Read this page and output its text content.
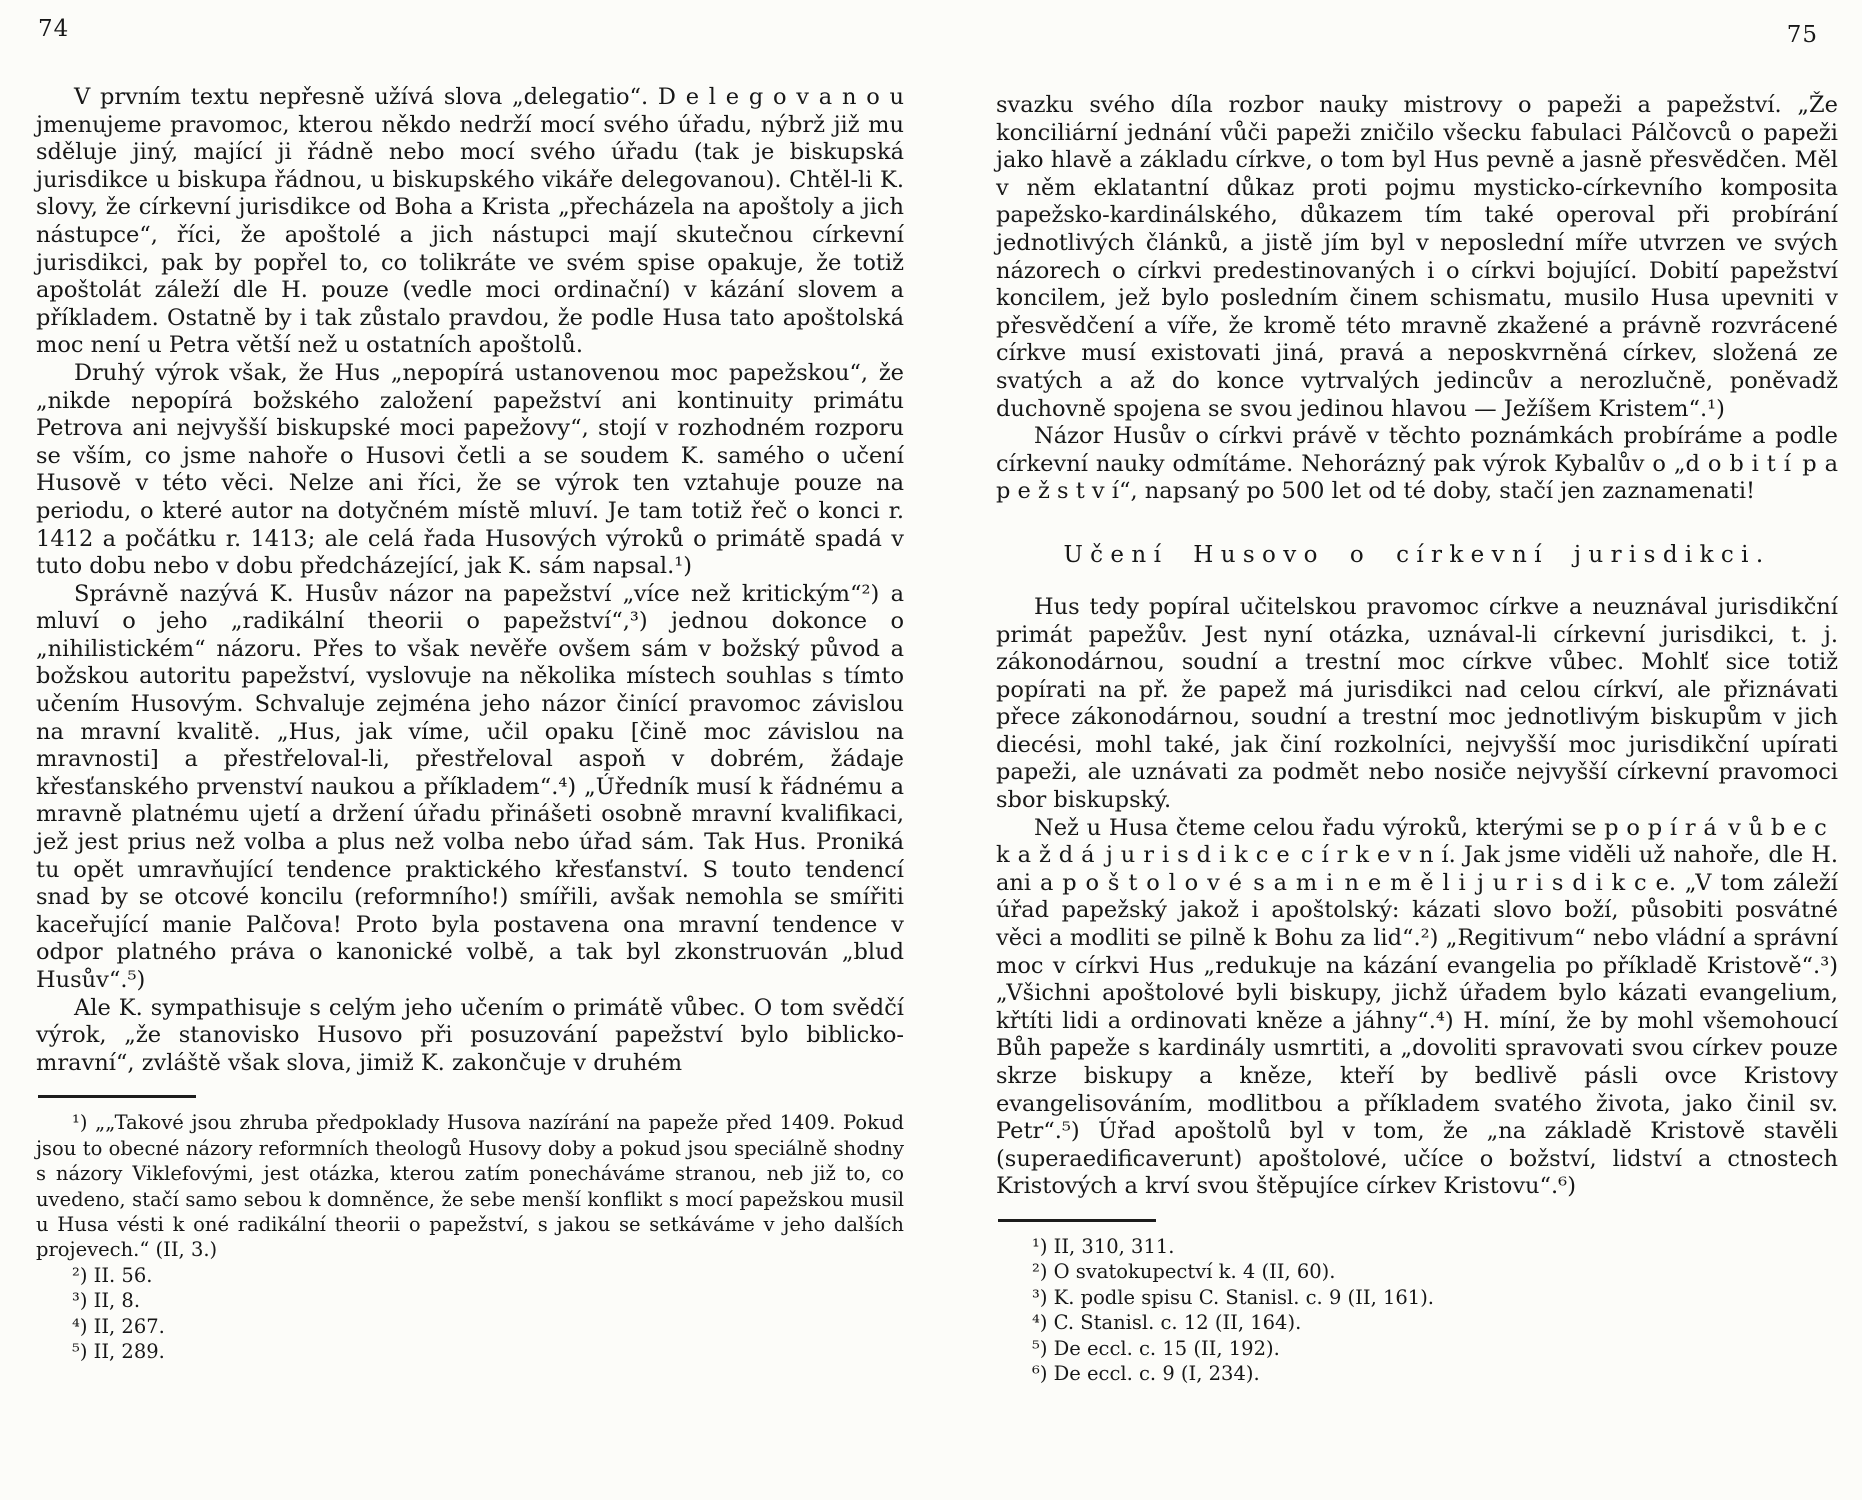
74	75

V prvním textu nepřesně užívá slova „delegatio“. D e l e g o v a n o u jmenujeme pravomoc, kterou někdo nedrží mocí svého úřadu, nýbrž již mu sděluje jiný, mající ji řádně nebo mocí svého úřadu (tak je biskupská jurisdikce u biskupa řádnou, u biskupského vikáře delegovanou). Chtěl-li K. slovy, že církevní jurisdikce od Boha a Krista „přecházela na apoštoly a jich nástupce“, říci, že apoštolé a jich nástupci mají skutečnou církevní jurisdikci, pak by popřel to, co tolikráte ve svém spise opakuje, že totiž apoštolát záleží dle H. pouze (vedle moci ordinační) v kázání slovem a příkladem. Ostatně by i tak zůstalo pravdou, že podle Husa tato apoštolská moc není u Petra větší než u ostatních apoštolů.

Druhý výrok však, že Hus „nepopírá ustanovenou moc papežskou“, že „nikde nepopírá božského založení papežství ani kontinuity primátu Petrova ani nejvyšší biskupské moci papežovy“, stojí v rozhodném rozporu se vším, co jsme nahoře o Husovi četli a se soudem K. samého o učení Husově v této věci. Nelze ani říci, že se výrok ten vztahuje pouze na periodu, o které autor na dotyčném místě mluví. Je tam totiž řeč o konci r. 1412 a počátku r. 1413; ale celá řada Husových výroků o primátě spadá v tuto dobu nebo v dobu předcházející, jak K. sám napsal.¹)

Správně nazývá K. Husův názor na papežství „více než kritickým“²) a mluví o jeho „radikální theorii o papežství“,³) jednou dokonce o „nihilistickém“ názoru. Přes to však nevěře ovšem sám v božský původ a božskou autoritu papežství, vyslovuje na několika místech souhlas s tímto učením Husovým. Schvaluje zejména jeho názor činící pravomoc závislou na mravní kvalitě. „Hus, jak víme, učil opaku [čině moc závislou na mravnosti] a přestřeloval-li, přestřeloval aspoň v dobrém, žádaje křesťanského prvenství naukou a příkladem“.⁴) „Úředník musí k řádnému a mravně platnému ujetí a držení úřadu přinášeti osobně mravní kvalifikaci, jež jest prius než volba a plus než volba nebo úřad sám. Tak Hus. Proniká tu opět umravňující tendence praktického křesťanství. S touto tendencí snad by se otcové koncilu (reformního!) smířili, avšak nemohla se smířiti kaceřující manie Palčova! Proto byla postavena ona mravní tendence v odpor platného práva o kanonické volbě, a tak byl zkonstruován „blud Husův“.⁵)

Ale K. sympathisuje s celým jeho učením o primátě vůbec. O tom svědčí výrok, „že stanovisko Husovo při posuzování papežství bylo biblicko-mravní“, zvláště však slova, jimiž K. zakončuje v druhém

¹) „„Takové jsou zhruba předpoklady Husova nazírání na papeže před 1409. Pokud jsou to obecné názory reformních theologů Husovy doby a pokud jsou speciálně shodny s názory Viklefovými, jest otázka, kterou zatím ponecháváme stranou, neb již to, co uvedeno, stačí samo sebou k domněnce, že sebe menší konflikt s mocí papežskou musil u Husa vésti k oné radikální theorii o papežství, s jakou se setkáváme v jeho dalších projevech.“ (II, 3.)

²) II. 56.

³) II, 8.

⁴) II, 267.

⁵) II, 289.

svazku svého díla rozbor nauky mistrovy o papeži a papežství. „Že konciliární jednání vůči papeži zničilo všecku fabulaci Pálčovců o papeži jako hlavě a základu církve, o tom byl Hus pevně a jasně přesvědčen. Měl v něm eklatantní důkaz proti pojmu mysticko-církevního komposita papežsko-kardinálského, důkazem tím také operoval při probírání jednotlivých článků, a jistě jím byl v neposlední míře utvrzen ve svých názorech o církvi predestinovaných i o církvi bojující. Dobití papežství koncilem, jež bylo posledním činem schismatu, musilo Husa upevniti v přesvědčení a víře, že kromě této mravně zkažené a právně rozvrácené církve musí existovati jiná, pravá a neposkvrněná církev, složená ze svatých a až do konce vytrvalých jedincův a nerozlučně, poněvadž duchovně spojena se svou jedinou hlavou — Ježíšem Kristem“.¹)

Názor Husův o církvi právě v těchto poznámkách probíráme a podle církevní nauky odmítáme. Nehorázný pak výrok Kybalův o „d o b i t í p a p e ž s t v í“, napsaný po 500 let od té doby, stačí jen zaznamenati!

Učení Husovo o církevní jurisdikci.

Hus tedy popíral učitelskou pravomoc církve a neuznával jurisdikční primát papežův. Jest nyní otázka, uznával-li církevní jurisdikci, t. j. zákonodárnou, soudní a trestní moc církve vůbec. Mohlť sice totiž popírati na př. že papež má jurisdikci nad celou církví, ale přiznávati přece zákonodárnou, soudní a trestní moc jednotlivým biskupům v jich diecési, mohl také, jak činí rozkolníci, nejvyšší moc jurisdikční upírati papeži, ale uznávati za podmět nebo nosiče nejvyšší církevní pravomoci sbor biskupský.

Než u Husa čteme celou řadu výroků, kterými se p o p í r á v ů b e c k a ž d á j u r i s d i k c e c í r k e v n í. Jak jsme viděli už nahoře, dle H. ani a p o š t o l o v é s a m i n e m ě l i j u r i s d i k c e. „V tom záleží úřad papežský jakož i apoštolský: kázati slovo boží, působiti posvátné věci a modliti se pilně k Bohu za lid“.²) „Regitivum“ nebo vládní a správní moc v církvi Hus „redukuje na kázání evangelia po příkladě Kristově“.³) „Všichni apoštolové byli biskupy, jichž úřadem bylo kázati evangelium, křtíti lidi a ordinovati kněze a jáhny“.⁴) H. míní, že by mohl všemohoucí Bůh papeže s kardinály usmrtiti, a „dovoliti spravovati svou církev pouze skrze biskupy a kněze, kteří by bedlivě pásli ovce Kristovy evangelisováním, modlitbou a příkladem svatého života, jako činil sv. Petr“.⁵) Úřad apoštolů byl v tom, že „na základě Kristově stavěli (superaedificaverunt) apoštolové, učíce o božství, lidství a ctnostech Kristových a krví svou štěpujíce církev Kristovu“.⁶)

¹) II, 310, 311.

²) O svatokupectví k. 4 (II, 60).

³) K. podle spisu C. Stanisl. c. 9 (II, 161).

⁴) C. Stanisl. c. 12 (II, 164).

⁵) De eccl. c. 15 (II, 192).

⁶) De eccl. c. 9 (I, 234).
